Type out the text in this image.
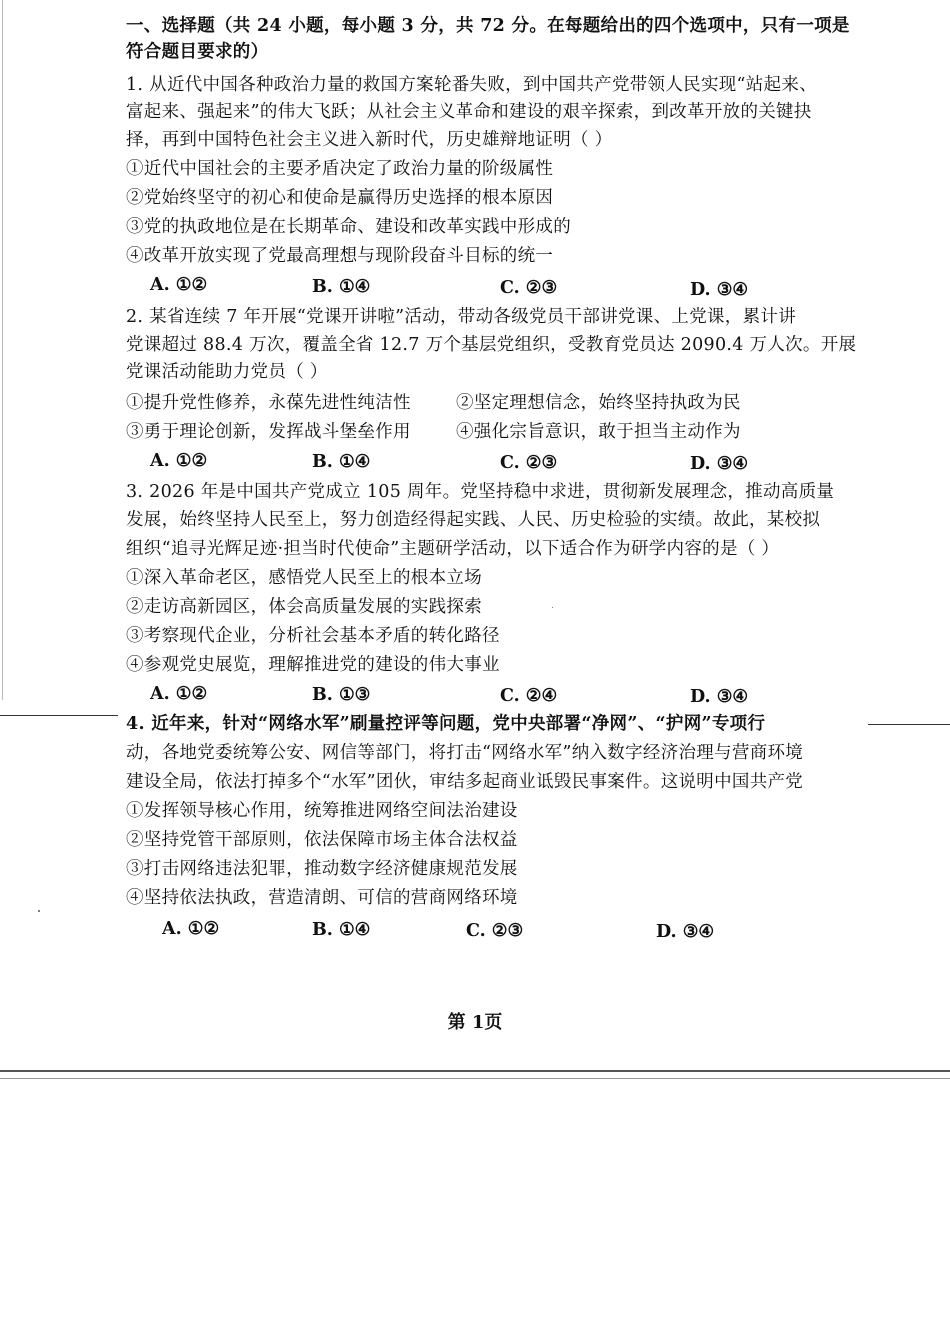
一、选择题（共 24 小题，每小题 3 分，共 72 分。在每题给出的四个选项中，只有一项是
符合题目要求的）
1. 从近代中国各种政治力量的救国方案轮番失败，到中国共产党带领人民实现“站起来、
富起来、强起来”的伟大飞跃；从社会主义革命和建设的艰辛探索，到改革开放的关键抉
择，再到中国特色社会主义进入新时代，历史雄辩地证明（ ）
①近代中国社会的主要矛盾决定了政治力量的阶级属性
②党始终坚守的初心和使命是赢得历史选择的根本原因
③党的执政地位是在长期革命、建设和改革实践中形成的
④改革开放实现了党最高理想与现阶段奋斗目标的统一
A. ①②	B. ①④	C. ②③	D. ③④
2. 某省连续 7 年开展“党课开讲啦”活动，带动各级党员干部讲党课、上党课，累计讲
党课超过 88.4 万次，覆盖全省 12.7 万个基层党组织，受教育党员达 2090.4 万人次。开展
党课活动能助力党员（ ）
①提升党性修养，永葆先进性纯洁性	②坚定理想信念，始终坚持执政为民
③勇于理论创新，发挥战斗堡垒作用	④强化宗旨意识，敢于担当主动作为
A. ①②	B. ①④	C. ②③	D. ③④
3. 2026 年是中国共产党成立 105 周年。党坚持稳中求进，贯彻新发展理念，推动高质量
发展，始终坚持人民至上，努力创造经得起实践、人民、历史检验的实绩。故此，某校拟
组织“追寻光辉足迹·担当时代使命”主题研学活动，以下适合作为研学内容的是（ ）
①深入革命老区，感悟党人民至上的根本立场
②走访高新园区，体会高质量发展的实践探索
③考察现代企业，分析社会基本矛盾的转化路径
④参观党史展览，理解推进党的建设的伟大事业
A. ①②	B. ①③	C. ②④	D. ③④
4. 近年来，针对“网络水军”刷量控评等问题，党中央部署“净网”、“护网”专项行
动，各地党委统筹公安、网信等部门，将打击“网络水军”纳入数字经济治理与营商环境
建设全局，依法打掉多个“水军”团伙，审结多起商业诋毁民事案件。这说明中国共产党
①发挥领导核心作用，统筹推进网络空间法治建设
②坚持党管干部原则，依法保障市场主体合法权益
③打击网络违法犯罪，推动数字经济健康规范发展
④坚持依法执政，营造清朗、可信的营商网络环境
A. ①②	B. ①④	C. ②③	D. ③④
第 1页
